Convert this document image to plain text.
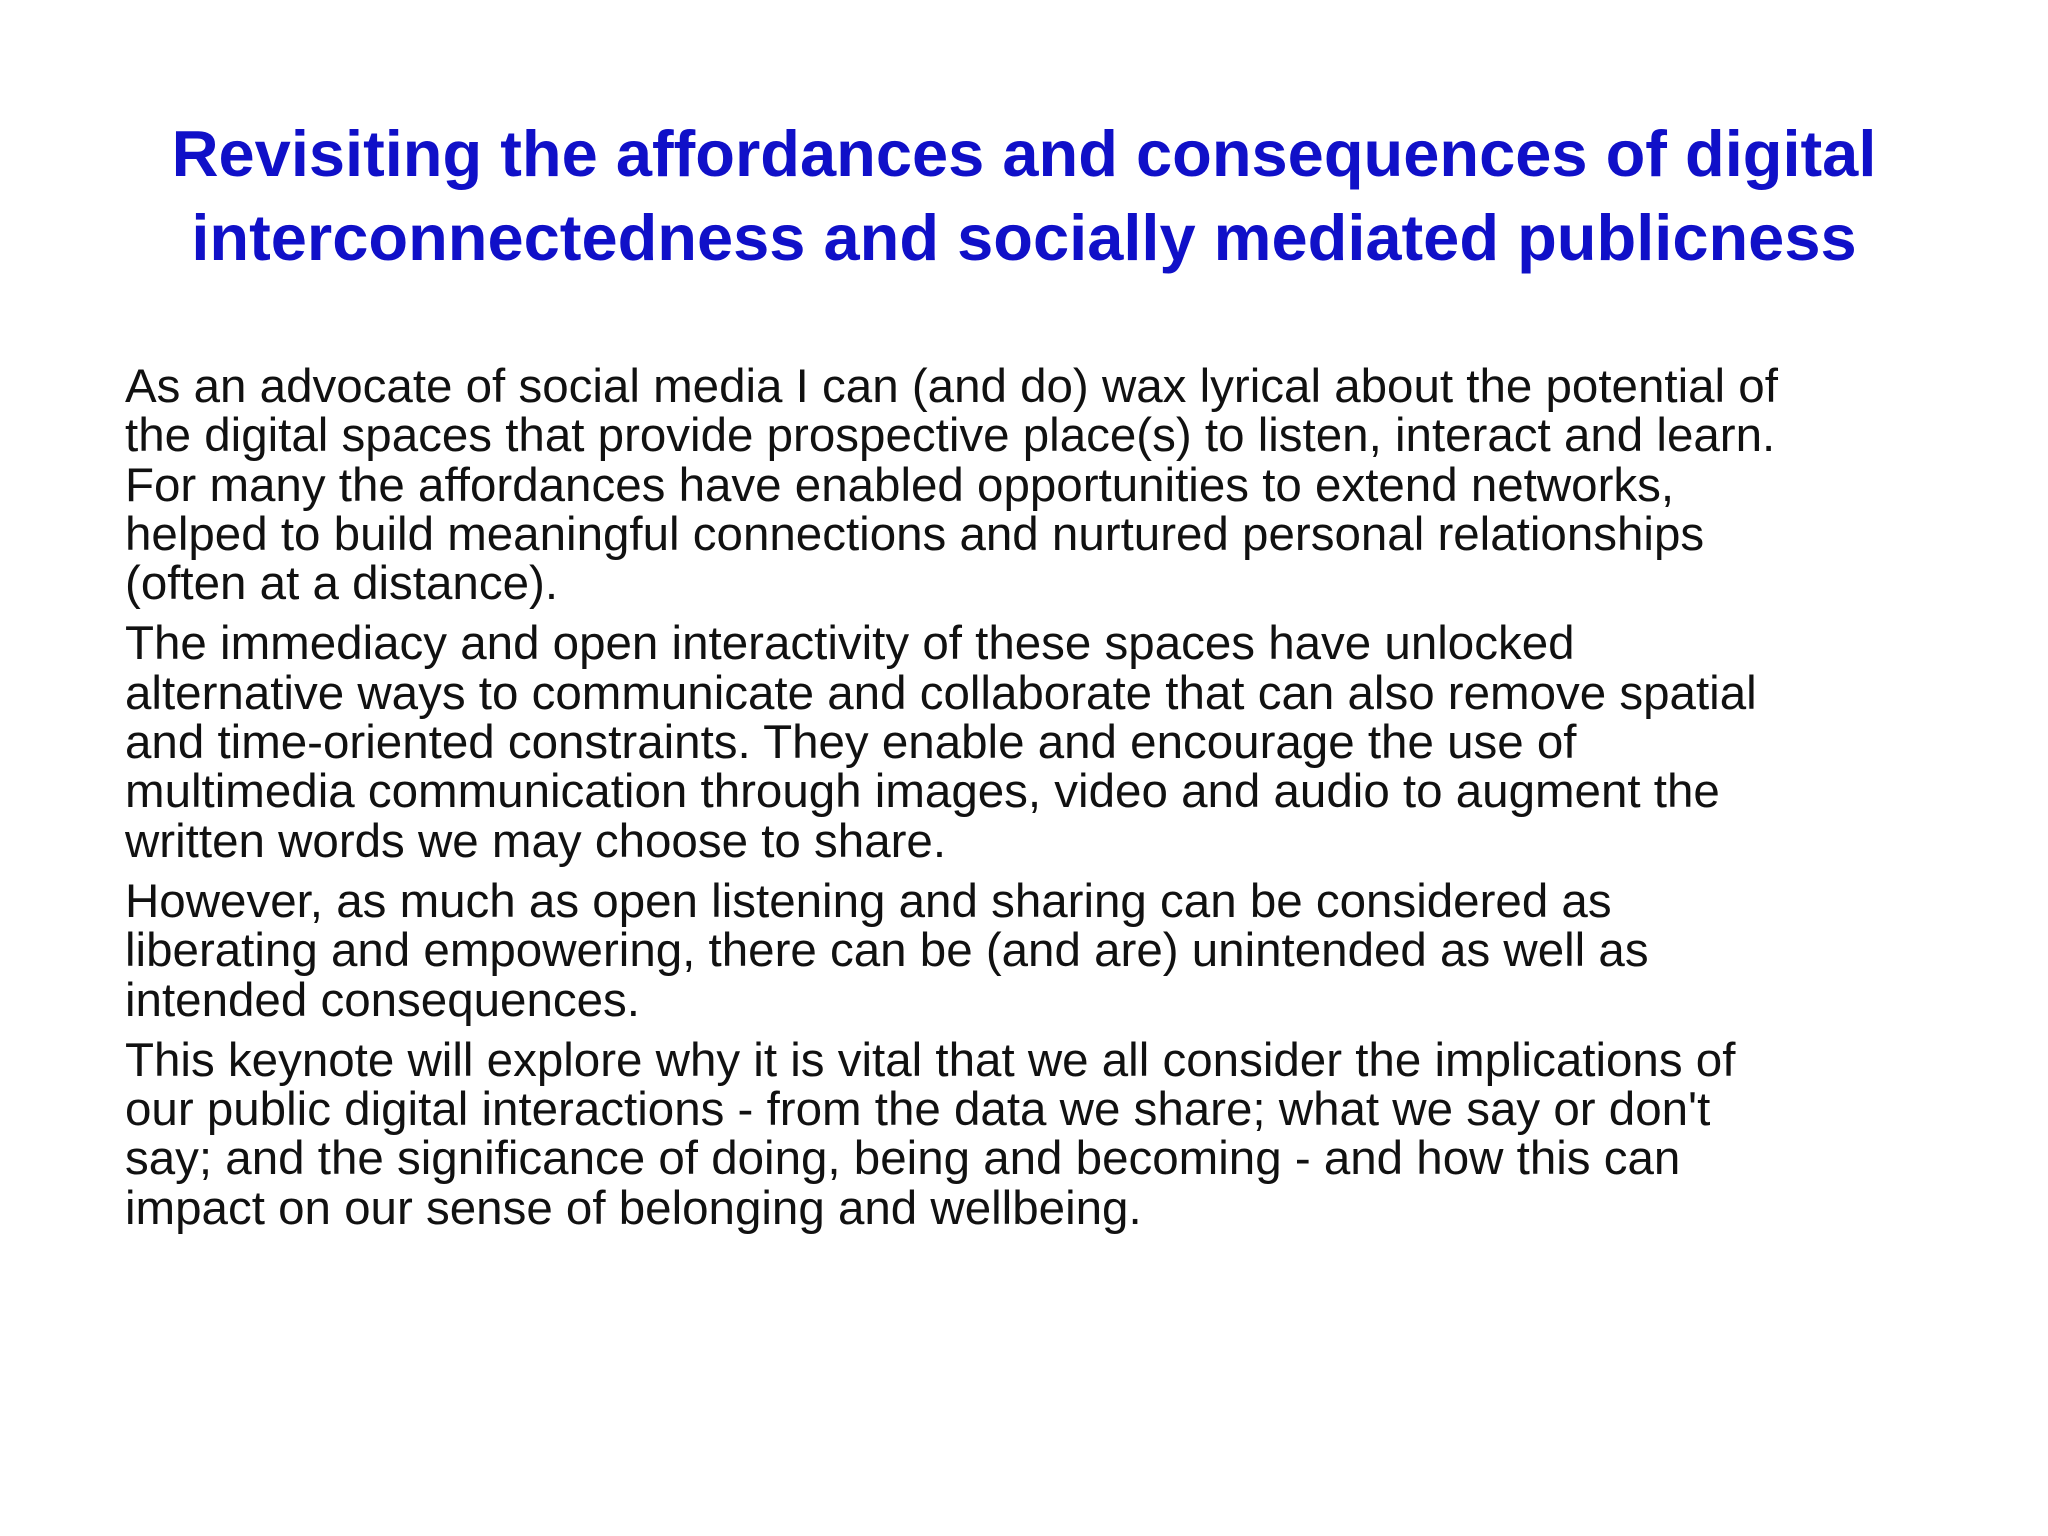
Revisiting the affordances and consequences of digital
interconnectedness and socially mediated publicness
As an advocate of social media I can (and do) wax lyrical about the potential of
the digital spaces that provide prospective place(s) to listen, interact and learn.
For many the affordances have enabled opportunities to extend networks,
helped to build meaningful connections and nurtured personal relationships
(often at a distance).
The immediacy and open interactivity of these spaces have unlocked
alternative ways to communicate and collaborate that can also remove spatial
and time-oriented constraints. They enable and encourage the use of
multimedia communication through images, video and audio to augment the
written words we may choose to share.
However, as much as open listening and sharing can be considered as
liberating and empowering, there can be (and are) unintended as well as
intended consequences.
This keynote will explore why it is vital that we all consider the implications of
our public digital interactions - from the data we share; what we say or don't
say; and the significance of doing, being and becoming - and how this can
impact on our sense of belonging and wellbeing.
